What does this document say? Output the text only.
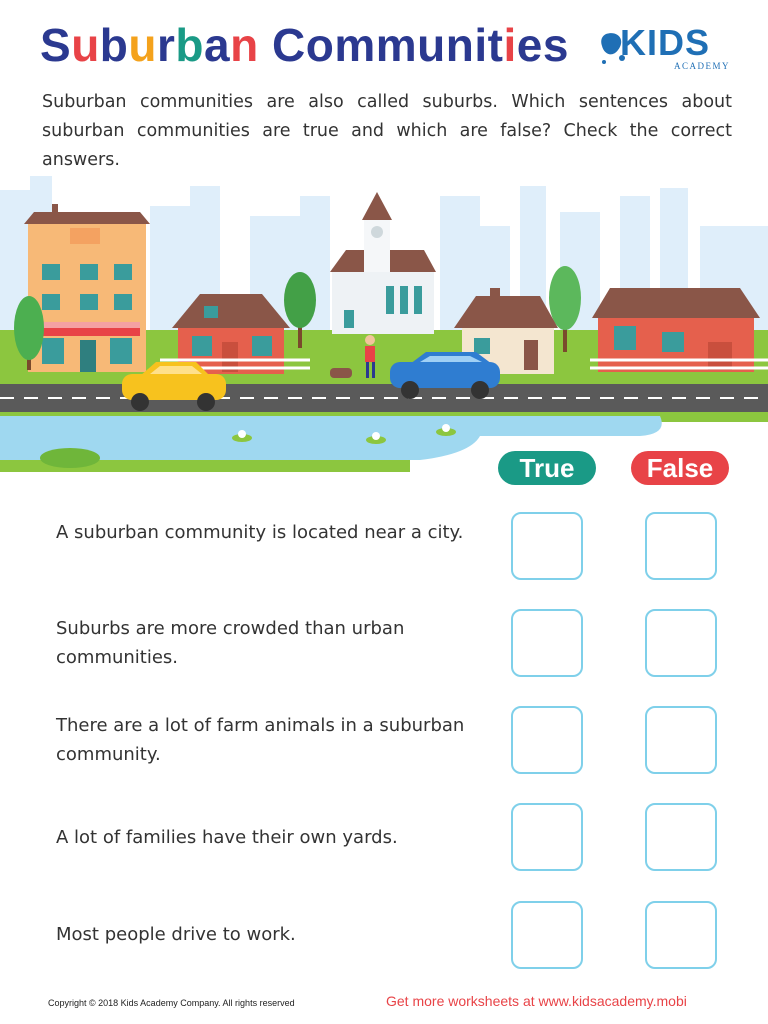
Suburban Communities KIDS
ACADEMY

Suburban communities are also called suburbs. Which sentences about suburban communities are true and which are false? Check the correct answers.

True	False

A suburban community is located near a city.

Suburbs are more crowded than urban communities.

There are a lot of farm animals in a suburban community.

A lot of families have their own yards.

Most people drive to work.

Copyright © 2018 Kids Academy Company. All rights reserved	Get more worksheets at www.kidsacademy.mobi
